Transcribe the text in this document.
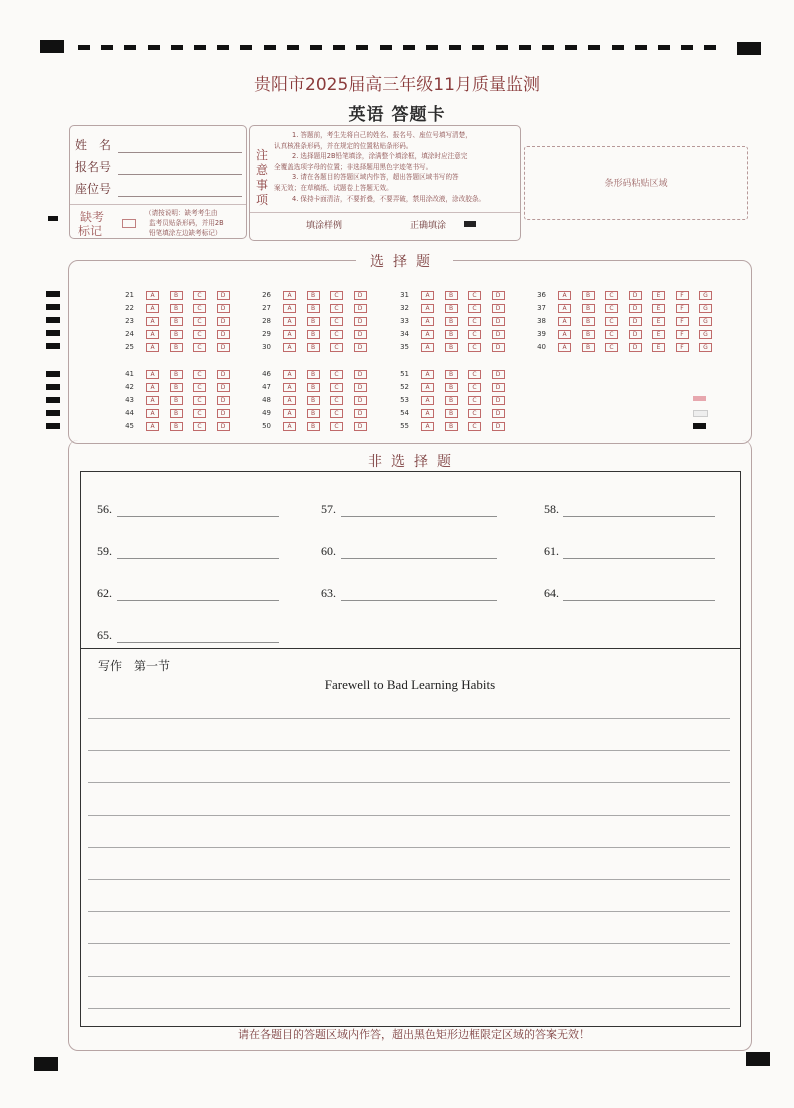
贵阳市2025届高三年级11月质量监测
英语 答题卡
姓　名
报名号
座位号
缺考
标记
（请按说明：缺考考生由
监考员贴条形码，并用2B
铅笔填涂左边缺考标记）
注
意
事
项
1. 答题前，考生先将自己的姓名、报名号、座位号填写清楚，
认真核准条形码，并在规定的位置粘贴条形码。
2. 选择题用2B铅笔填涂，涂满整个填涂框，填涂时应注意完
全覆盖选项字母的位置；非选择题用黑色字迹笔书写。
3. 请在各题目的答题区域内作答，超出答题区域书写的答
案无效；在草稿纸、试题卷上答题无效。
4. 保持卡面清洁，不要折叠，不要弄破，禁用涂改液，涂改胶条。
填涂样例	正确填涂
条形码粘贴区域
选择题
21	A	B	C	D
22	A	B	C	D
23	A	B	C	D
24	A	B	C	D
25	A	B	C	D
26	A	B	C	D
27	A	B	C	D
28	A	B	C	D
29	A	B	C	D
30	A	B	C	D
31	A	B	C	D
32	A	B	C	D
33	A	B	C	D
34	A	B	C	D
35	A	B	C	D
36	A	B	C	D	E	F	G
37	A	B	C	D	E	F	G
38	A	B	C	D	E	F	G
39	A	B	C	D	E	F	G
40	A	B	C	D	E	F	G
41	A	B	C	D
42	A	B	C	D
43	A	B	C	D
44	A	B	C	D
45	A	B	C	D
46	A	B	C	D
47	A	B	C	D
48	A	B	C	D
49	A	B	C	D
50	A	B	C	D
51	A	B	C	D
52	A	B	C	D
53	A	B	C	D
54	A	B	C	D
55	A	B	C	D
非选择题
56.	57.	58.
59.	60.	61.
62.	63.	64.
65.
写作　第一节
Farewell to Bad Learning Habits
请在各题目的答题区域内作答，超出黑色矩形边框限定区域的答案无效！
